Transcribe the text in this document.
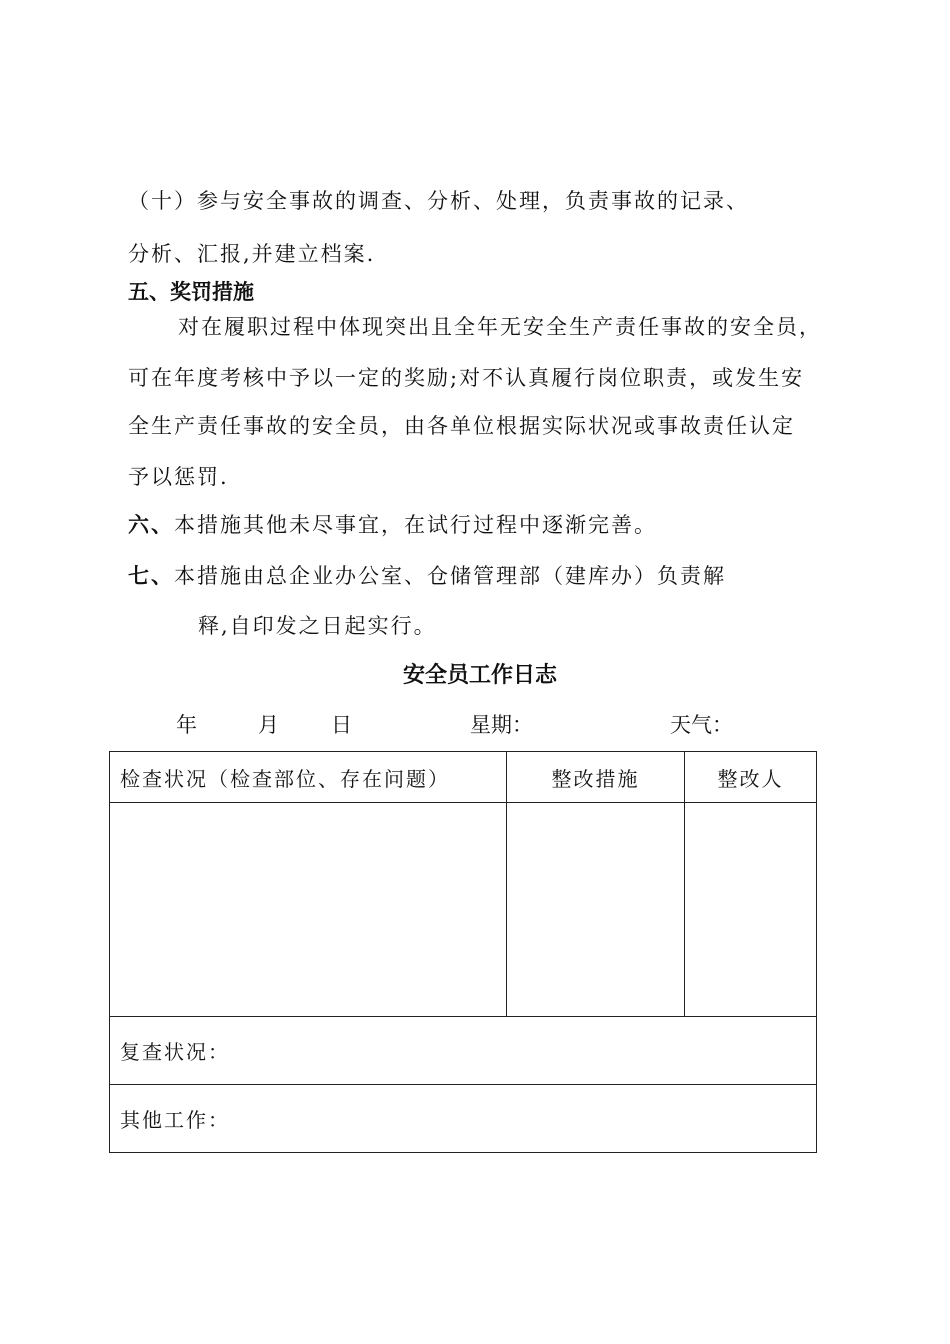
（十）参与安全事故的调查、分析、处理，负责事故的记录、
分析、汇报,并建立档案.
五、奖罚措施
对在履职过程中体现突出且全年无安全生产责任事故的安全员，
可在年度考核中予以一定的奖励;对不认真履行岗位职责，或发生安
全生产责任事故的安全员，由各单位根据实际状况或事故责任认定
予以惩罚.
六、本措施其他未尽事宜，在试行过程中逐渐完善。
七、本措施由总企业办公室、仓储管理部（建库办）负责解
释,自印发之日起实行。
安全员工作日志
年	月 日	星期：	天气：
检查状况（检查部位、存在问题）	整改措施	整改人

复查状况：		
其他工作：		
